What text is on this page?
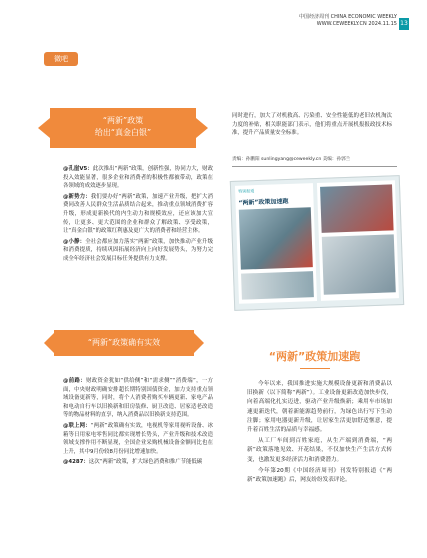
中国经济周刊 CHINA ECONOMIC WEEKLY
WWW.CEWEEKLY.CN 2024.11.15 13
微吧
“两新”政策
给出“真金白银”
@孔崖V5：此次推出“两新”政策，创新性强，协同力大，财政投入效能显著，很多企业和消费者的积极性都被带动，政策在各领域的成效逐步显现。
@新势力：我们要办好“两新”政策，加速产业升级，把扩大消费同改善人民群众生活品质结合起来，推动重点领域消费扩容升级，形成更新换代的内生动力和规模效应，还应该加大宣传，让更多、更大范围的企业和群众了解政策、享受政策，让“真金白银”的政策红利惠及更广大的消费者和经营主体。
@小静：全社会都应加力落实“两新”政策，加快推动产业升级和消费提质，持续巩固拓展经济向上向好发展势头，为努力完成全年经济社会发展目标任务提供有力支撑。
“两新”政策确有实效
@前路：财政资金犹如“供给侧”和“需求侧”“消费端”，一方面，中央财政明确安排超长期特别国债资金，加力支持重点领域设备更新等，同时，将个人消费者购买车辆更新、家电产品和电动自行车以旧换新和旧房装修、厨卫改造、居家适老改造等的物品材料的直享，纳入消费品以旧换新支持范围。
@联上网：“两新”政策确有实效，电视机等家用视听设备、冰箱等日用家电零售同比都实现增长势头，产业升级和技术改造领域支撑作用不断显现，全国企业采购机械设备金额同比也在上升，其中9月份较8月份同比增速加快。
@4287：这次“两新”政策，扩大绿色消费和推广节能低碳
同时进行，加大了对机救高、污染重、安全性能低的老旧农机淘汰力度的补贴，相关职能部门表示，他们将重点开展机报报政技术标准，提升产品质量安全标准。
责编：孙鹏阳 sunlingyang@ceweekly.cn 美编：孙郭兰
特别报道
“两新”政策加速跑
“两新”政策加速跑
今年以来，我国推进实施大规模设备更新和消费品以旧换新（以下简称“两新”）。工业设备更新改造加快步伐，向着高端化扎实迈进，驱动产业升级焕新；乘用车市场加速更新迭代，朝着新能源趋势前行，为绿色出行写下生动注脚；家用电器更新升级，让居家生活更加舒适惬意，提升着百姓生活的品质与幸福感。
从工厂车间到百姓家庭，从生产端到消费端，“两新”政策落地见效、开花结果，不仅加快生产生活方式转变，也激发更多经济活力和消费潜力。
今年第20期《中国经济周刊》刊发特别报道《“两新”政策加速跑》后，网友纷纷发表评论。
